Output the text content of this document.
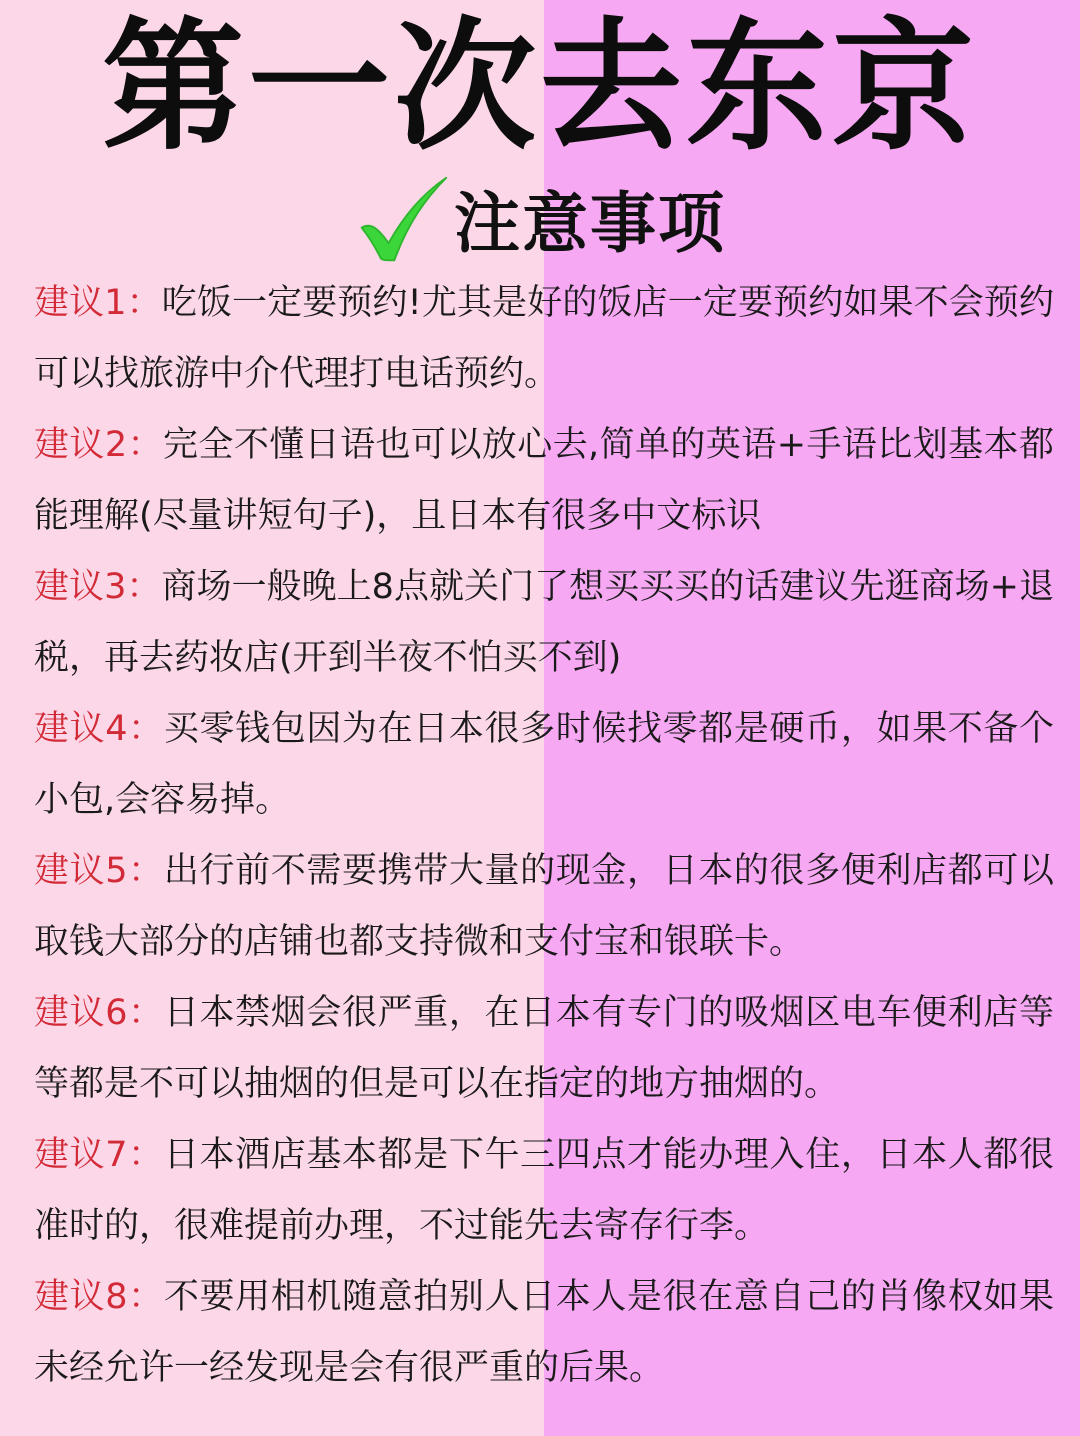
第一次去东京
注意事项
建议1：吃饭一定要预约!尤其是好的饭店一定要预约如果不会预约可以找旅游中介代理打电话预约。
建议2：完全不懂日语也可以放心去,简单的英语+手语比划基本都能理解(尽量讲短句子)，且日本有很多中文标识
建议3：商场一般晚上8点就关门了想买买买的话建议先逛商场+退税，再去药妆店(开到半夜不怕买不到)
建议4：买零钱包因为在日本很多时候找零都是硬币，如果不备个小包,会容易掉。
建议5：出行前不需要携带大量的现金，日本的很多便利店都可以取钱大部分的店铺也都支持微和支付宝和银联卡。
建议6：日本禁烟会很严重，在日本有专门的吸烟区电车便利店等等都是不可以抽烟的但是可以在指定的地方抽烟的。
建议7：日本酒店基本都是下午三四点才能办理入住，日本人都很准时的，很难提前办理，不过能先去寄存行李。
建议8：不要用相机随意拍别人日本人是很在意自己的肖像权如果未经允许一经发现是会有很严重的后果。
